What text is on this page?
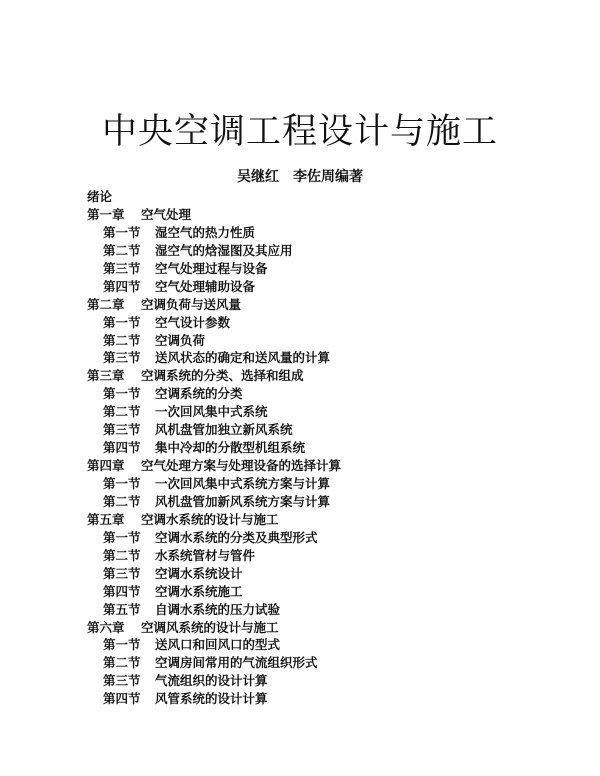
中央空调工程设计与施工
吴继红 李佐周编著
绪论
第一章 空气处理
第一节 湿空气的热力性质
第二节 湿空气的焓湿图及其应用
第三节 空气处理过程与设备
第四节 空气处理辅助设备
第二章 空调负荷与送风量
第一节 空气设计参数
第二节 空调负荷
第三节 送风状态的确定和送风量的计算
第三章 空调系统的分类、选择和组成
第一节 空调系统的分类
第二节 一次回风集中式系统
第三节 风机盘管加独立新风系统
第四节 集中冷却的分散型机组系统
第四章 空气处理方案与处理设备的选择计算
第一节 一次回风集中式系统方案与计算
第二节 风机盘管加新风系统方案与计算
第五章 空调水系统的设计与施工
第一节 空调水系统的分类及典型形式
第二节 水系统管材与管件
第三节 空调水系统设计
第四节 空调水系统施工
第五节 自调水系统的压力试验
第六章 空调风系统的设计与施工
第一节 送风口和回风口的型式
第二节 空调房间常用的气流组织形式
第三节 气流组织的设计计算
第四节 风管系统的设计计算
